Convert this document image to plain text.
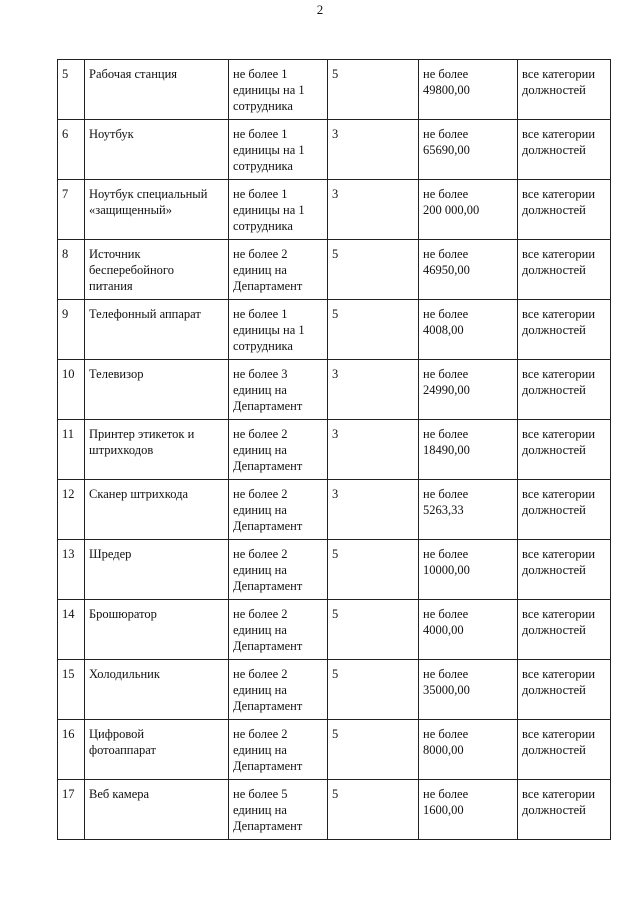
2
5	Рабочая станция	не более 1
единицы на 1
сотрудника	5	не более
49800,00	все категории
должностей
6	Ноутбук	не более 1
единицы на 1
сотрудника	3	не более
65690,00	все категории
должностей
7	Ноутбук специальный
«защищенный»	не более 1
единицы на 1
сотрудника	3	не более
200 000,00	все категории
должностей
8	Источник
бесперебойного
питания	не более 2
единиц на
Департамент	5	не более
46950,00	все категории
должностей
9	Телефонный аппарат	не более 1
единицы на 1
сотрудника	5	не более
4008,00	все категории
должностей
10	Телевизор	не более 3
единиц на
Департамент	3	не более
24990,00	все категории
должностей
11	Принтер этикеток и
штрихкодов	не более 2
единиц на
Департамент	3	не более
18490,00	все категории
должностей
12	Сканер штрихкода	не более 2
единиц на
Департамент	3	не более
5263,33	все категории
должностей
13	Шредер	не более 2
единиц на
Департамент	5	не более
10000,00	все категории
должностей
14	Брошюратор	не более 2
единиц на
Департамент	5	не более
4000,00	все категории
должностей
15	Холодильник	не более 2
единиц на
Департамент	5	не более
35000,00	все категории
должностей
16	Цифровой
фотоаппарат	не более 2
единиц на
Департамент	5	не более
8000,00	все категории
должностей
17	Веб камера	не более 5
единиц на
Департамент	5	не более
1600,00	все категории
должностей
